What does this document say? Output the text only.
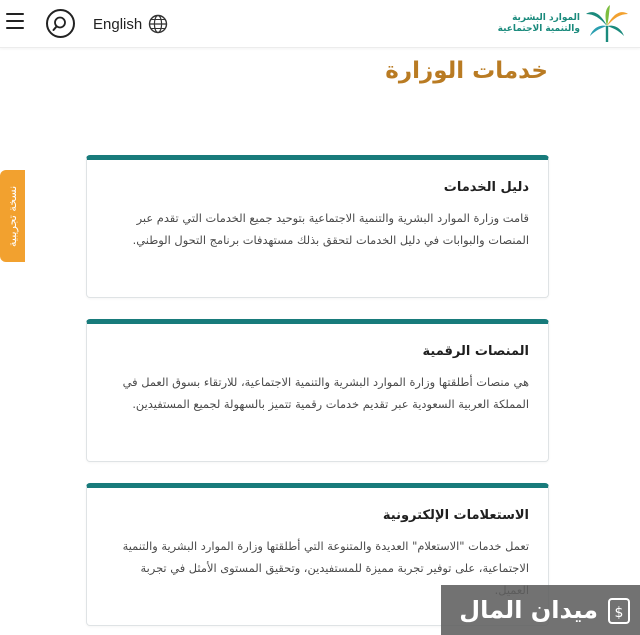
English	الموارد البشرية
والتنمية الاجتماعية
خدمات الوزارة
نسخة تجريبية	دليل الخدمات
قامت وزارة الموارد البشرية والتنمية الاجتماعية بتوحيد جميع الخدمات التي تقدم عبر المنصات والبوابات في دليل الخدمات لتحقق بذلك مستهدفات برنامج التحول الوطني.
المنصات الرقمية
هي منصات أطلقتها وزارة الموارد البشرية والتنمية الاجتماعية، للارتقاء بسوق العمل في المملكة العربية السعودية عبر تقديم خدمات رقمية تتميز بالسهولة لجميع المستفيدين.
الاستعلامات الإلكترونية
تعمل خدمات "الاستعلام" العديدة والمتنوعة التي أطلقتها وزارة الموارد البشرية والتنمية الاجتماعية، على توفير تجربة مميزة للمستفيدين، وتحقيق المستوى الأمثل في تجربة
ميدان المال $
